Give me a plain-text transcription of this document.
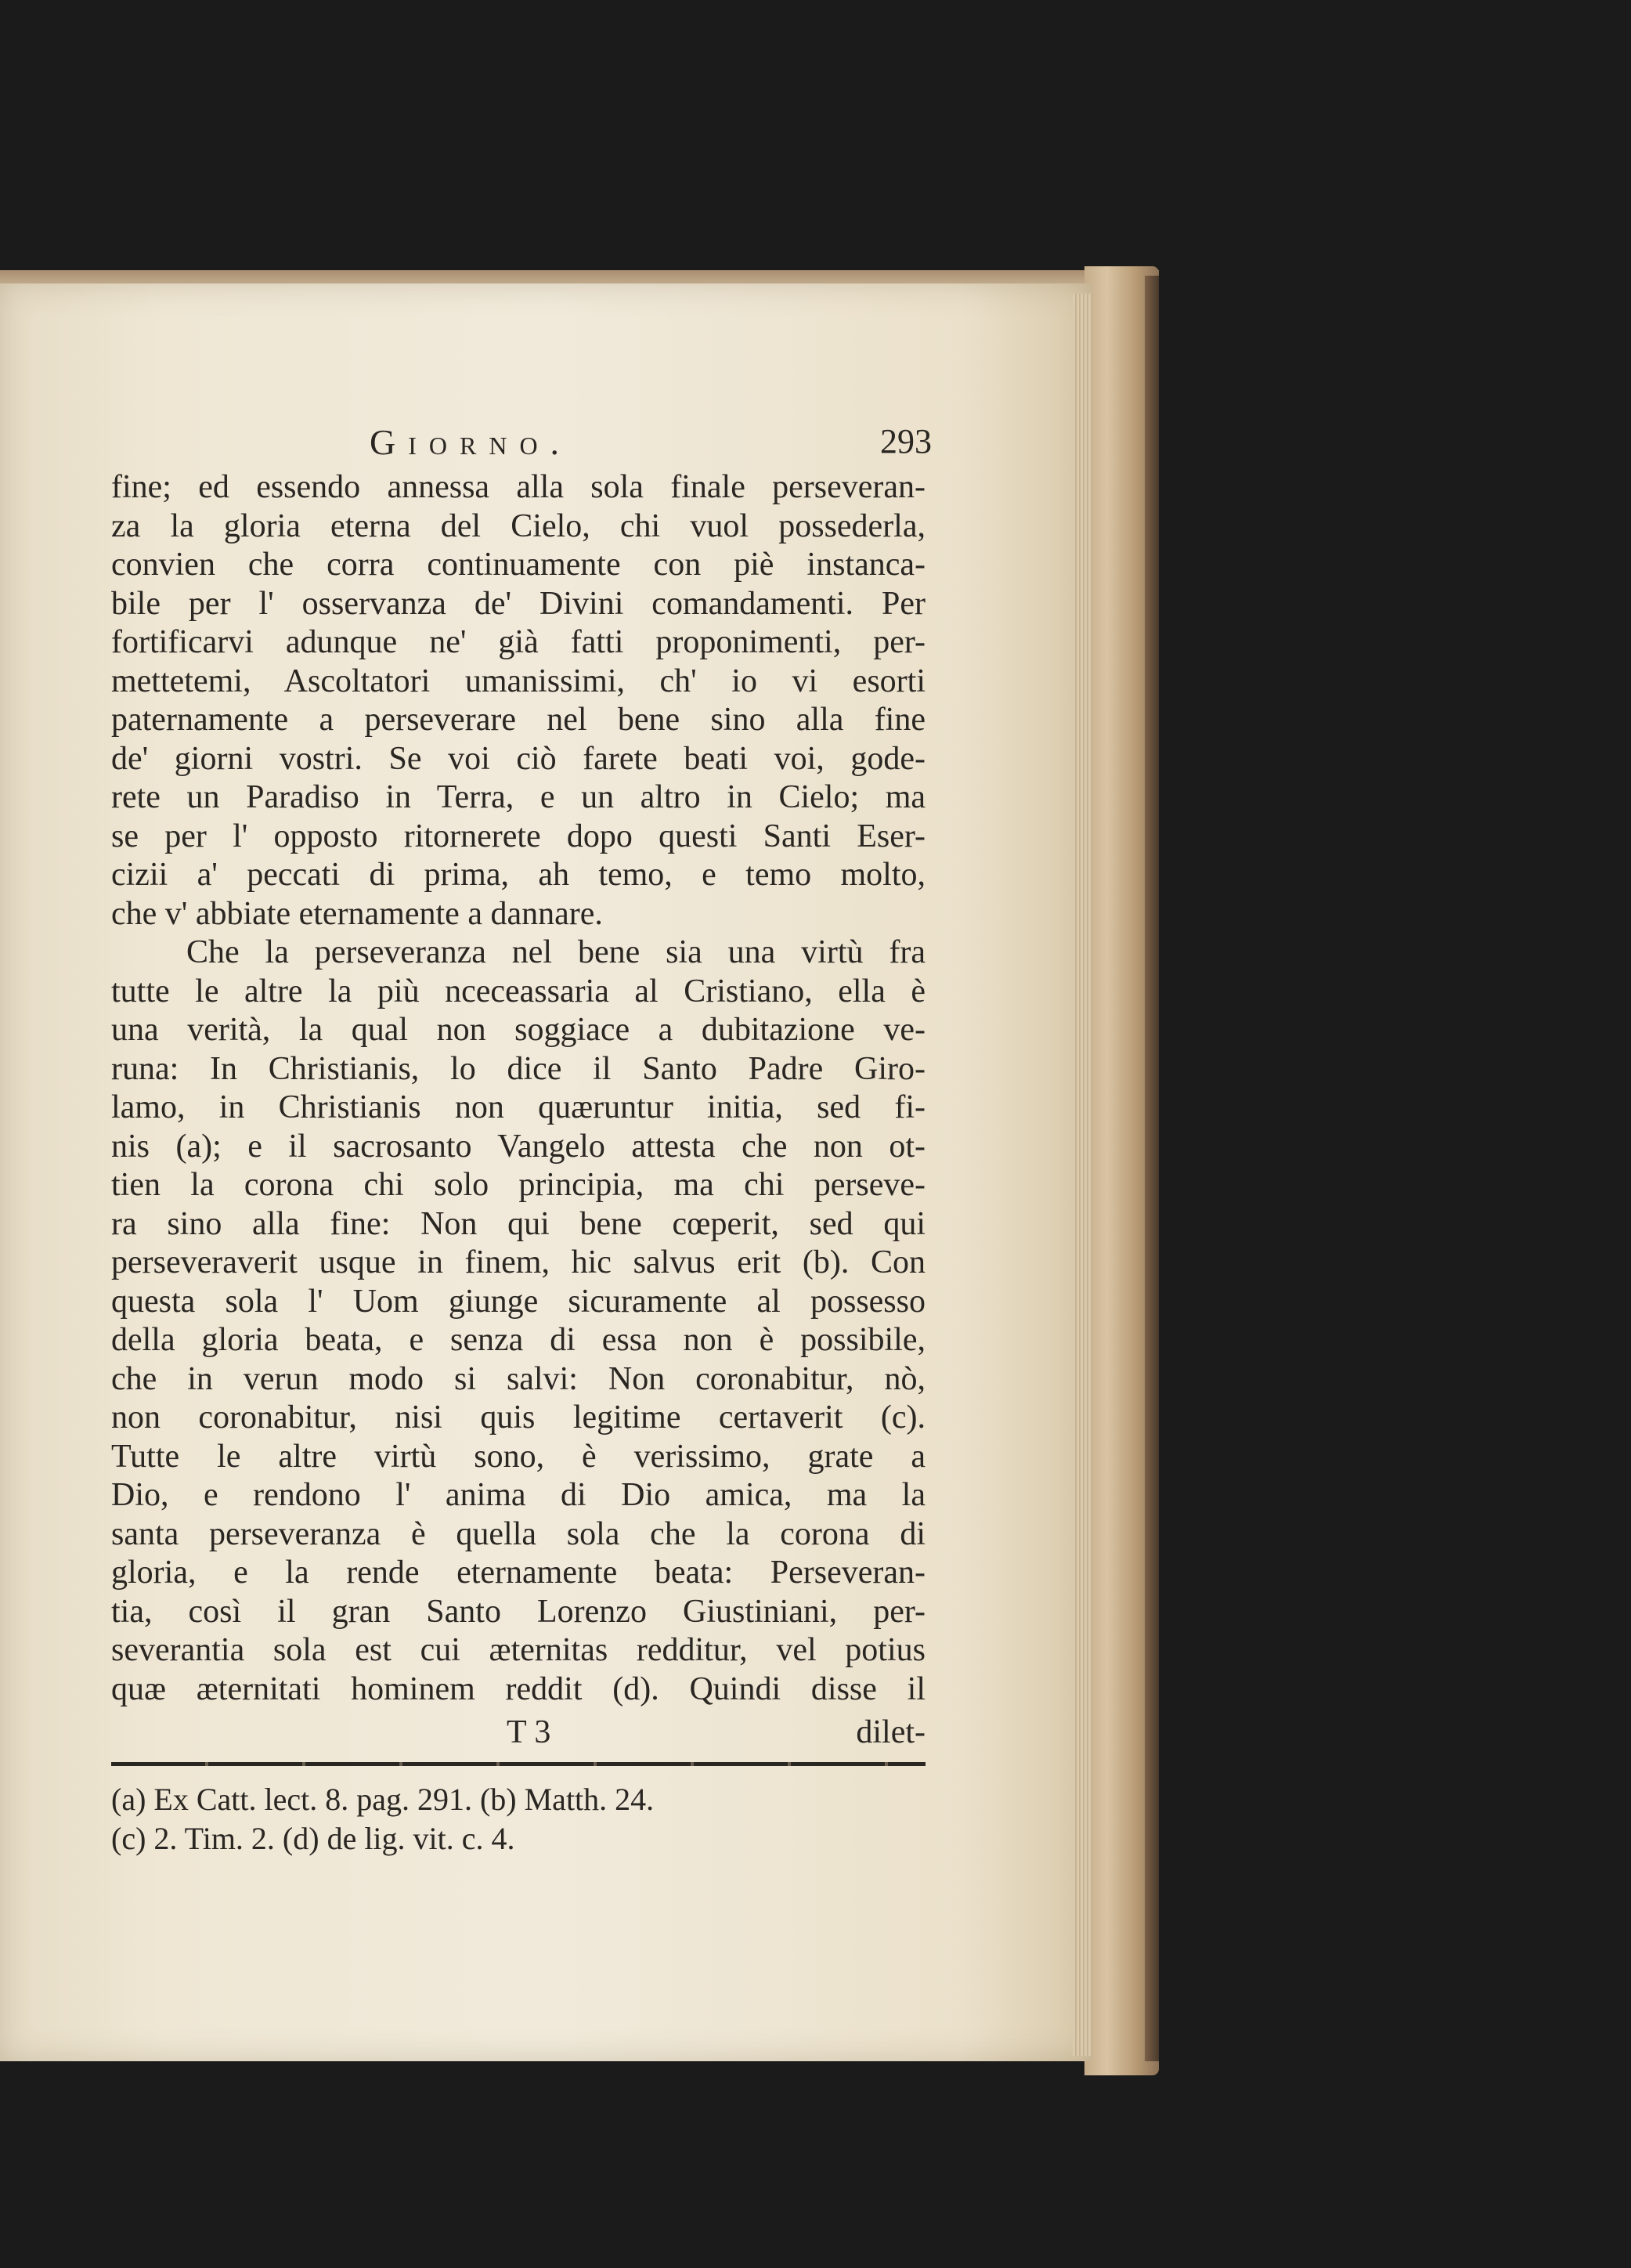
Giorno.	293
fine; ed essendo annessa alla sola finale perseveran-
za la gloria eterna del Cielo, chi vuol possederla,
convien che corra continuamente con piè instanca-
bile per l' osservanza de' Divini comandamenti. Per
fortificarvi adunque ne' già fatti proponimenti, per-
mettetemi, Ascoltatori umanissimi, ch' io vi esorti
paternamente a perseverare nel bene sino alla fine
de' giorni vostri. Se voi ciò farete beati voi, gode-
rete un Paradiso in Terra, e un altro in Cielo; ma
se per l' opposto ritornerete dopo questi Santi Eser-
cizii a' peccati di prima, ah temo, e temo molto,
che v' abbiate eternamente a dannare.
Che la perseveranza nel bene sia una virtù fra
tutte le altre la più nceceassaria al Cristiano, ella è
una verità, la qual non soggiace a dubitazione ve-
runa: In Christianis, lo dice il Santo Padre Giro-
lamo, in Christianis non quæruntur initia, sed fi-
nis (a); e il sacrosanto Vangelo attesta che non ot-
tien la corona chi solo principia, ma chi perseve-
ra sino alla fine: Non qui bene cœperit, sed qui
perseveraverit usque in finem, hic salvus erit (b). Con
questa sola l' Uom giunge sicuramente al possesso
della gloria beata, e senza di essa non è possibile,
che in verun modo si salvi: Non coronabitur, nò,
non coronabitur, nisi quis legitime certaverit (c).
Tutte le altre virtù sono, è verissimo, grate a
Dio, e rendono l' anima di Dio amica, ma la
santa perseveranza è quella sola che la corona di
gloria, e la rende eternamente beata: Perseveran-
tia, così il gran Santo Lorenzo Giustiniani, per-
severantia sola est cui æternitas redditur, vel potius
quæ æternitati hominem reddit (d). Quindi disse il
T 3	dilet-
(a) Ex Catt. lect. 8. pag. 291. (b) Matth. 24.
(c) 2. Tim. 2. (d) de lig. vit. c. 4.
